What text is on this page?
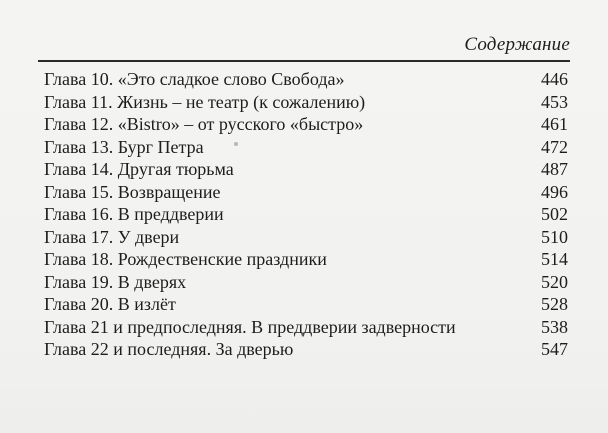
Содержание
Глава 10. «Это сладкое слово Свобода»	446
Глава 11. Жизнь – не театр (к сожалению)	453
Глава 12. «Bistro» – от русского «быстро»	461
Глава 13. Бург Петра	472
Глава 14. Другая тюрьма	487
Глава 15. Возвращение	496
Глава 16. В преддверии	502
Глава 17. У двери	510
Глава 18. Рождественские праздники	514
Глава 19. В дверях	520
Глава 20. В излёт	528
Глава 21 и предпоследняя. В преддверии задверности	538
Глава 22 и последняя. За дверью	547
